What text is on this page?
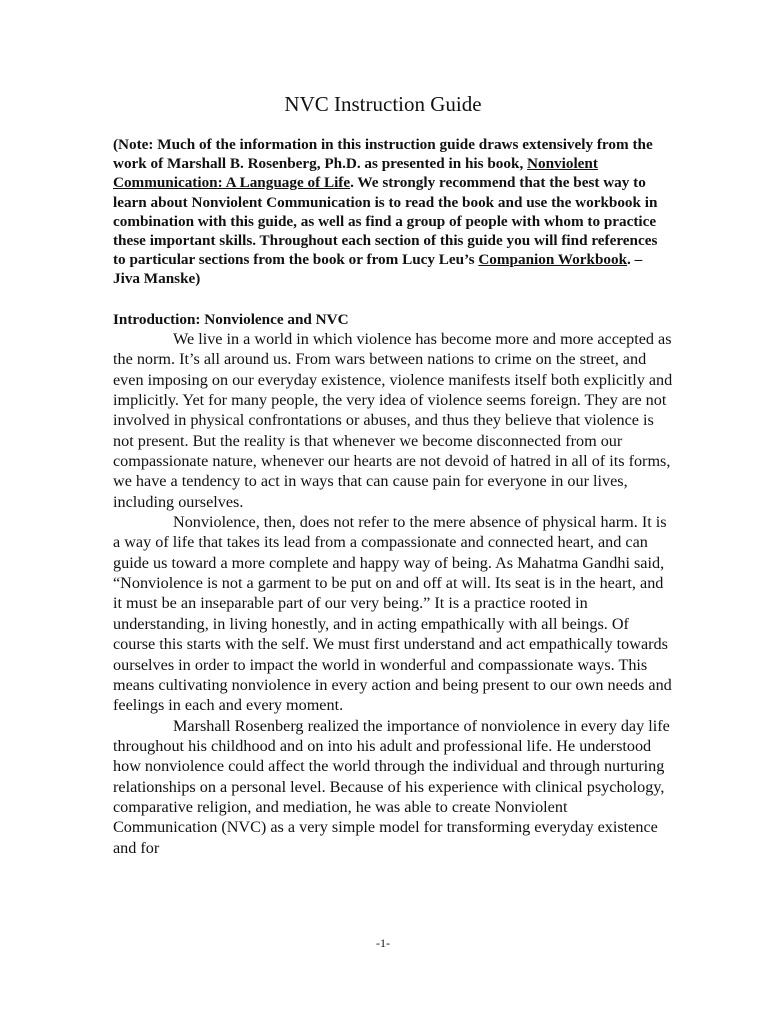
NVC Instruction Guide

(Note: Much of the information in this instruction guide draws extensively from the work of Marshall B. Rosenberg, Ph.D. as presented in his book, Nonviolent Communication: A Language of Life. We strongly recommend that the best way to learn about Nonviolent Communication is to read the book and use the workbook in combination with this guide, as well as find a group of people with whom to practice these important skills. Throughout each section of this guide you will find references to particular sections from the book or from Lucy Leu’s Companion Workbook. – Jiva Manske)

Introduction: Nonviolence and NVC

We live in a world in which violence has become more and more accepted as the norm. It’s all around us. From wars between nations to crime on the street, and even imposing on our everyday existence, violence manifests itself both explicitly and implicitly. Yet for many people, the very idea of violence seems foreign. They are not involved in physical confrontations or abuses, and thus they believe that violence is not present. But the reality is that whenever we become disconnected from our compassionate nature, whenever our hearts are not devoid of hatred in all of its forms, we have a tendency to act in ways that can cause pain for everyone in our lives, including ourselves.

Nonviolence, then, does not refer to the mere absence of physical harm. It is a way of life that takes its lead from a compassionate and connected heart, and can guide us toward a more complete and happy way of being. As Mahatma Gandhi said, “Nonviolence is not a garment to be put on and off at will. Its seat is in the heart, and it must be an inseparable part of our very being.” It is a practice rooted in understanding, in living honestly, and in acting empathically with all beings. Of course this starts with the self. We must first understand and act empathically towards ourselves in order to impact the world in wonderful and compassionate ways. This means cultivating nonviolence in every action and being present to our own needs and feelings in each and every moment.

Marshall Rosenberg realized the importance of nonviolence in every day life throughout his childhood and on into his adult and professional life. He understood how nonviolence could affect the world through the individual and through nurturing relationships on a personal level. Because of his experience with clinical psychology, comparative religion, and mediation, he was able to create Nonviolent Communication (NVC) as a very simple model for transforming everyday existence and for

-1-
